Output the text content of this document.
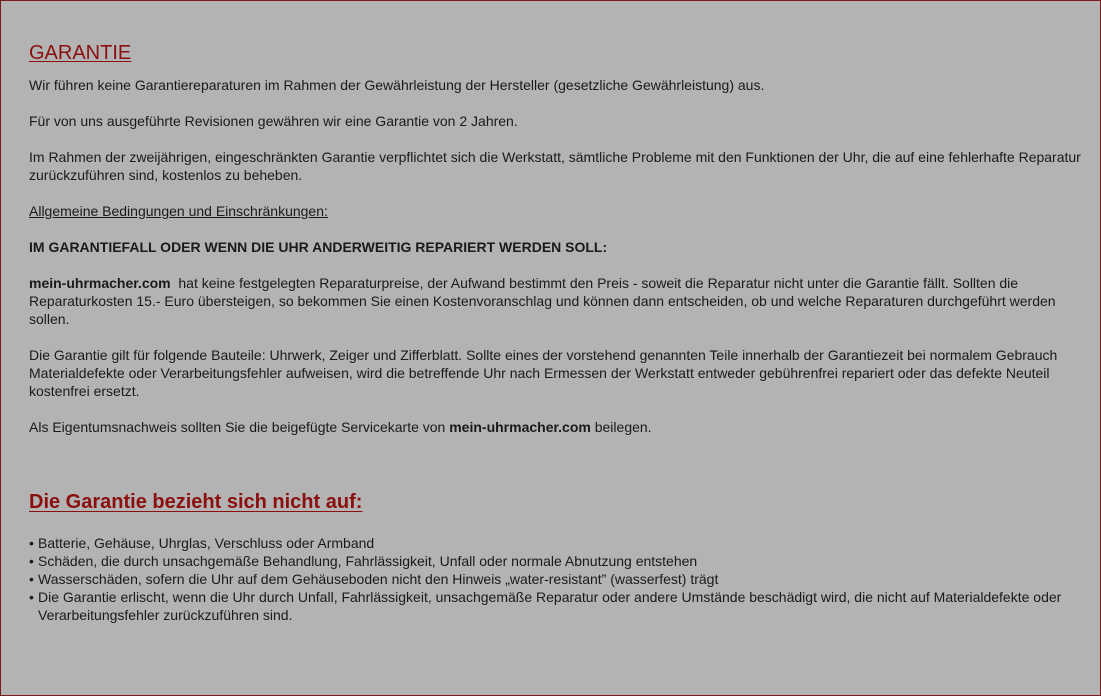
GARANTIE

Wir führen keine Garantiereparaturen im Rahmen der Gewährleistung der Hersteller (gesetzliche Gewährleistung) aus.

Für von uns ausgeführte Revisionen gewähren wir eine Garantie von 2 Jahren.

Im Rahmen der zweijährigen, eingeschränkten Garantie verpflichtet sich die Werkstatt, sämtliche Probleme mit den Funktionen der Uhr, die auf eine fehlerhafte Reparatur zurückzuführen sind, kostenlos zu beheben.

Allgemeine Bedingungen und Einschränkungen:

IM GARANTIEFALL ODER WENN DIE UHR ANDERWEITIG REPARIERT WERDEN SOLL:

mein-uhrmacher.com  hat keine festgelegten Reparaturpreise, der Aufwand bestimmt den Preis - soweit die Reparatur nicht unter die Garantie fällt. Sollten die Reparaturkosten 15.- Euro übersteigen, so bekommen Sie einen Kostenvoranschlag und können dann entscheiden, ob und welche Reparaturen durchgeführt werden sollen.

Die Garantie gilt für folgende Bauteile: Uhrwerk, Zeiger und Zifferblatt. Sollte eines der vorstehend genannten Teile innerhalb der Garantiezeit bei normalem Gebrauch Materialdefekte oder Verarbeitungsfehler aufweisen, wird die betreffende Uhr nach Ermessen der Werkstatt entweder gebührenfrei repariert oder das defekte Neuteil kostenfrei ersetzt.

Als Eigentumsnachweis sollten Sie die beigefügte Servicekarte von mein-uhrmacher.com beilegen.

Die Garantie bezieht sich nicht auf:
• Batterie, Gehäuse, Uhrglas, Verschluss oder Armband
• Schäden, die durch unsachgemäße Behandlung, Fahrlässigkeit, Unfall oder normale Abnutzung entstehen
• Wasserschäden, sofern die Uhr auf dem Gehäuseboden nicht den Hinweis „water-resistant” (wasserfest) trägt
• Die Garantie erlischt, wenn die Uhr durch Unfall, Fahrlässigkeit, unsachgemäße Reparatur oder andere Umstände beschädigt wird, die nicht auf Materialdefekte oder Verarbeitungsfehler zurückzuführen sind.
